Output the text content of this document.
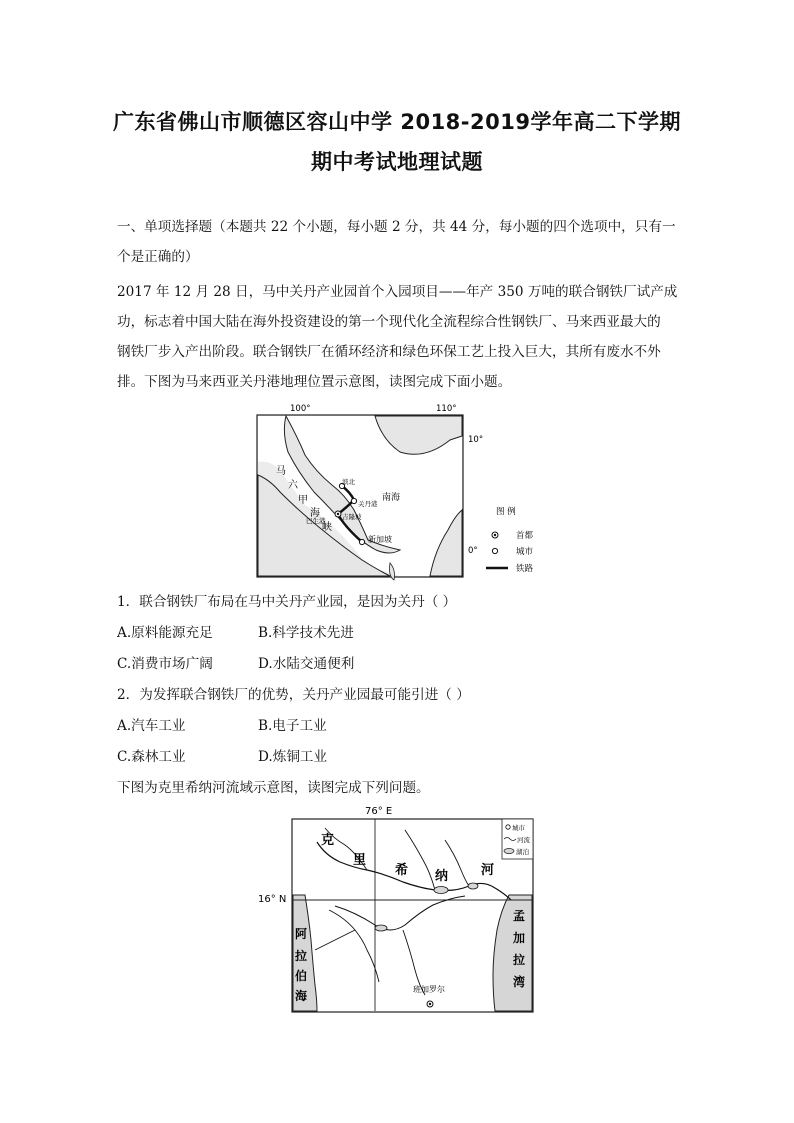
广东省佛山市顺德区容山中学 2018-2019学年高二下学期
期中考试地理试题
一、单项选择题（本题共 22 个小题，每小题 2 分，共 44 分，每小题的四个选项中，只有一
个是正确的）
2017 年 12 月 28 日，马中关丹产业园首个入园项目——年产 350 万吨的联合钢铁厂试产成
功，标志着中国大陆在海外投资建设的第一个现代化全流程综合性钢铁厂、马来西亚最大的
钢铁厂步入产出阶段。联合钢铁厂在循环经济和绿色环保工艺上投入巨大，其所有废水不外
排。下图为马来西亚关丹港地理位置示意图，读图完成下面小题。
100°	110°
10°
0°
马
六
甲
海
峡
滨北
关丹港
南海
巴生港	吉隆坡
新加坡
图 例
首都
城市
铁路
1．联合钢铁厂布局在马中关丹产业园，是因为关丹（ ）
A.原料能源充足	B.科学技术先进
C.消费市场广阔	D.水陆交通便利
2．为发挥联合钢铁厂的优势，关丹产业园最可能引进（ ）
A.汽车工业	B.电子工业
C.森林工业	D.炼铜工业
下图为克里希纳河流域示意图，读图完成下列问题。
76° E
16° N
克
里
希 纳	河
阿
拉
伯
海
孟
加
拉
湾
班加罗尔
城市
河流
湖泊
